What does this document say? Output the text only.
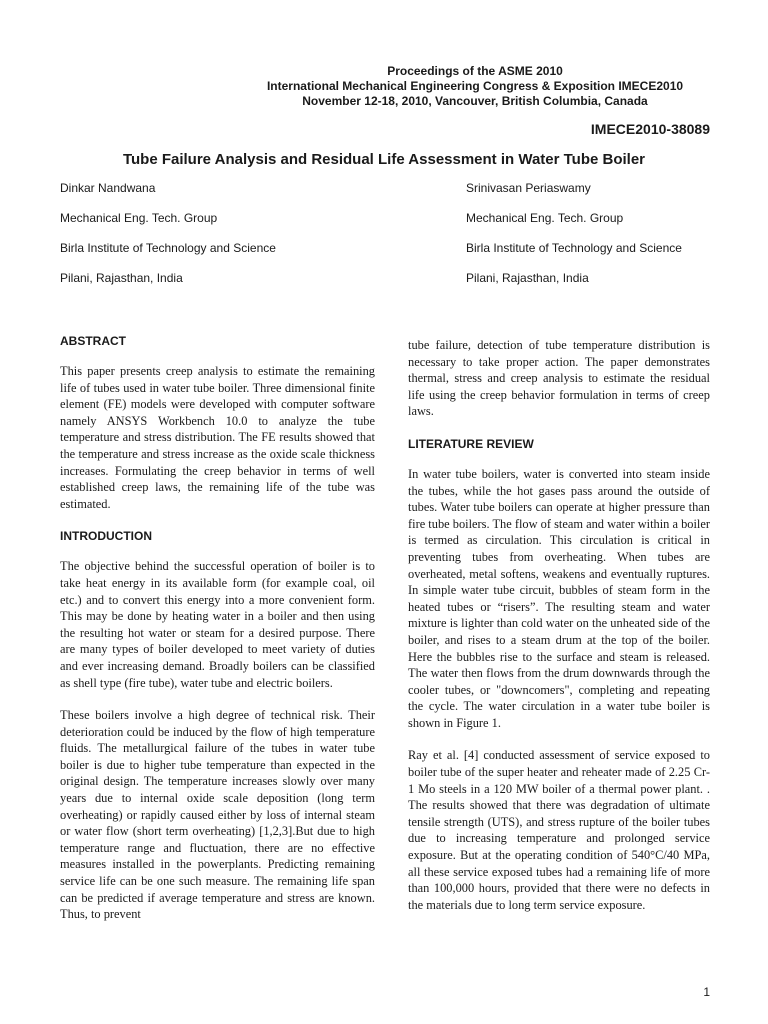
Proceedings of the ASME 2010
International Mechanical Engineering Congress & Exposition IMECE2010
November 12-18, 2010, Vancouver, British Columbia, Canada
IMECE2010-38089
Tube Failure Analysis and Residual Life Assessment in Water Tube Boiler
Dinkar Nandwana
Mechanical Eng. Tech. Group
Birla Institute of Technology and Science
Pilani, Rajasthan, India
Srinivasan Periaswamy
Mechanical Eng. Tech. Group
Birla Institute of Technology and Science
Pilani, Rajasthan, India
ABSTRACT

This paper presents creep analysis to estimate the remaining life of tubes used in water tube boiler. Three dimensional finite element (FE) models were developed with computer software namely ANSYS Workbench 10.0 to analyze the tube temperature and stress distribution. The FE results showed that the temperature and stress increase as the oxide scale thickness increases. Formulating the creep behavior in terms of well established creep laws, the remaining life of the tube was estimated.

INTRODUCTION

The objective behind the successful operation of boiler is to take heat energy in its available form (for example coal, oil etc.) and to convert this energy into a more convenient form. This may be done by heating water in a boiler and then using the resulting hot water or steam for a desired purpose. There are many types of boiler developed to meet variety of duties and ever increasing demand. Broadly boilers can be classified as shell type (fire tube), water tube and electric boilers.

These boilers involve a high degree of technical risk. Their deterioration could be induced by the flow of high temperature fluids. The metallurgical failure of the tubes in water tube boiler is due to higher tube temperature than expected in the original design. The temperature increases slowly over many years due to internal oxide scale deposition (long term overheating) or rapidly caused either by loss of internal steam or water flow (short term overheating) [1,2,3].But due to high temperature range and fluctuation, there are no effective measures installed in the powerplants. Predicting remaining service life can be one such measure. The remaining life span can be predicted if average temperature and stress are known. Thus, to prevent

tube failure, detection of tube temperature distribution is necessary to take proper action. The paper demonstrates thermal, stress and creep analysis to estimate the residual life using the creep behavior formulation in terms of creep laws.

LITERATURE REVIEW

In water tube boilers, water is converted into steam inside the tubes, while the hot gases pass around the outside of tubes. Water tube boilers can operate at higher pressure than fire tube boilers. The flow of steam and water within a boiler is termed as circulation. This circulation is critical in preventing tubes from overheating. When tubes are overheated, metal softens, weakens and eventually ruptures. In simple water tube circuit, bubbles of steam form in the heated tubes or “risers”. The resulting steam and water mixture is lighter than cold water on the unheated side of the boiler, and rises to a steam drum at the top of the boiler. Here the bubbles rise to the surface and steam is released. The water then flows from the drum downwards through the cooler tubes, or "downcomers", completing and repeating the cycle. The water circulation in a water tube boiler is shown in Figure 1.

Ray et al. [4] conducted assessment of service exposed to boiler tube of the super heater and reheater made of 2.25 Cr-1 Mo steels in a 120 MW boiler of a thermal power plant. . The results showed that there was degradation of ultimate tensile strength (UTS), and stress rupture of the boiler tubes due to increasing temperature and prolonged service exposure. But at the operating condition of 540°C/40 MPa, all these service exposed tubes had a remaining life of more than 100,000 hours, provided that there were no defects in the materials due to long term service exposure.

1
